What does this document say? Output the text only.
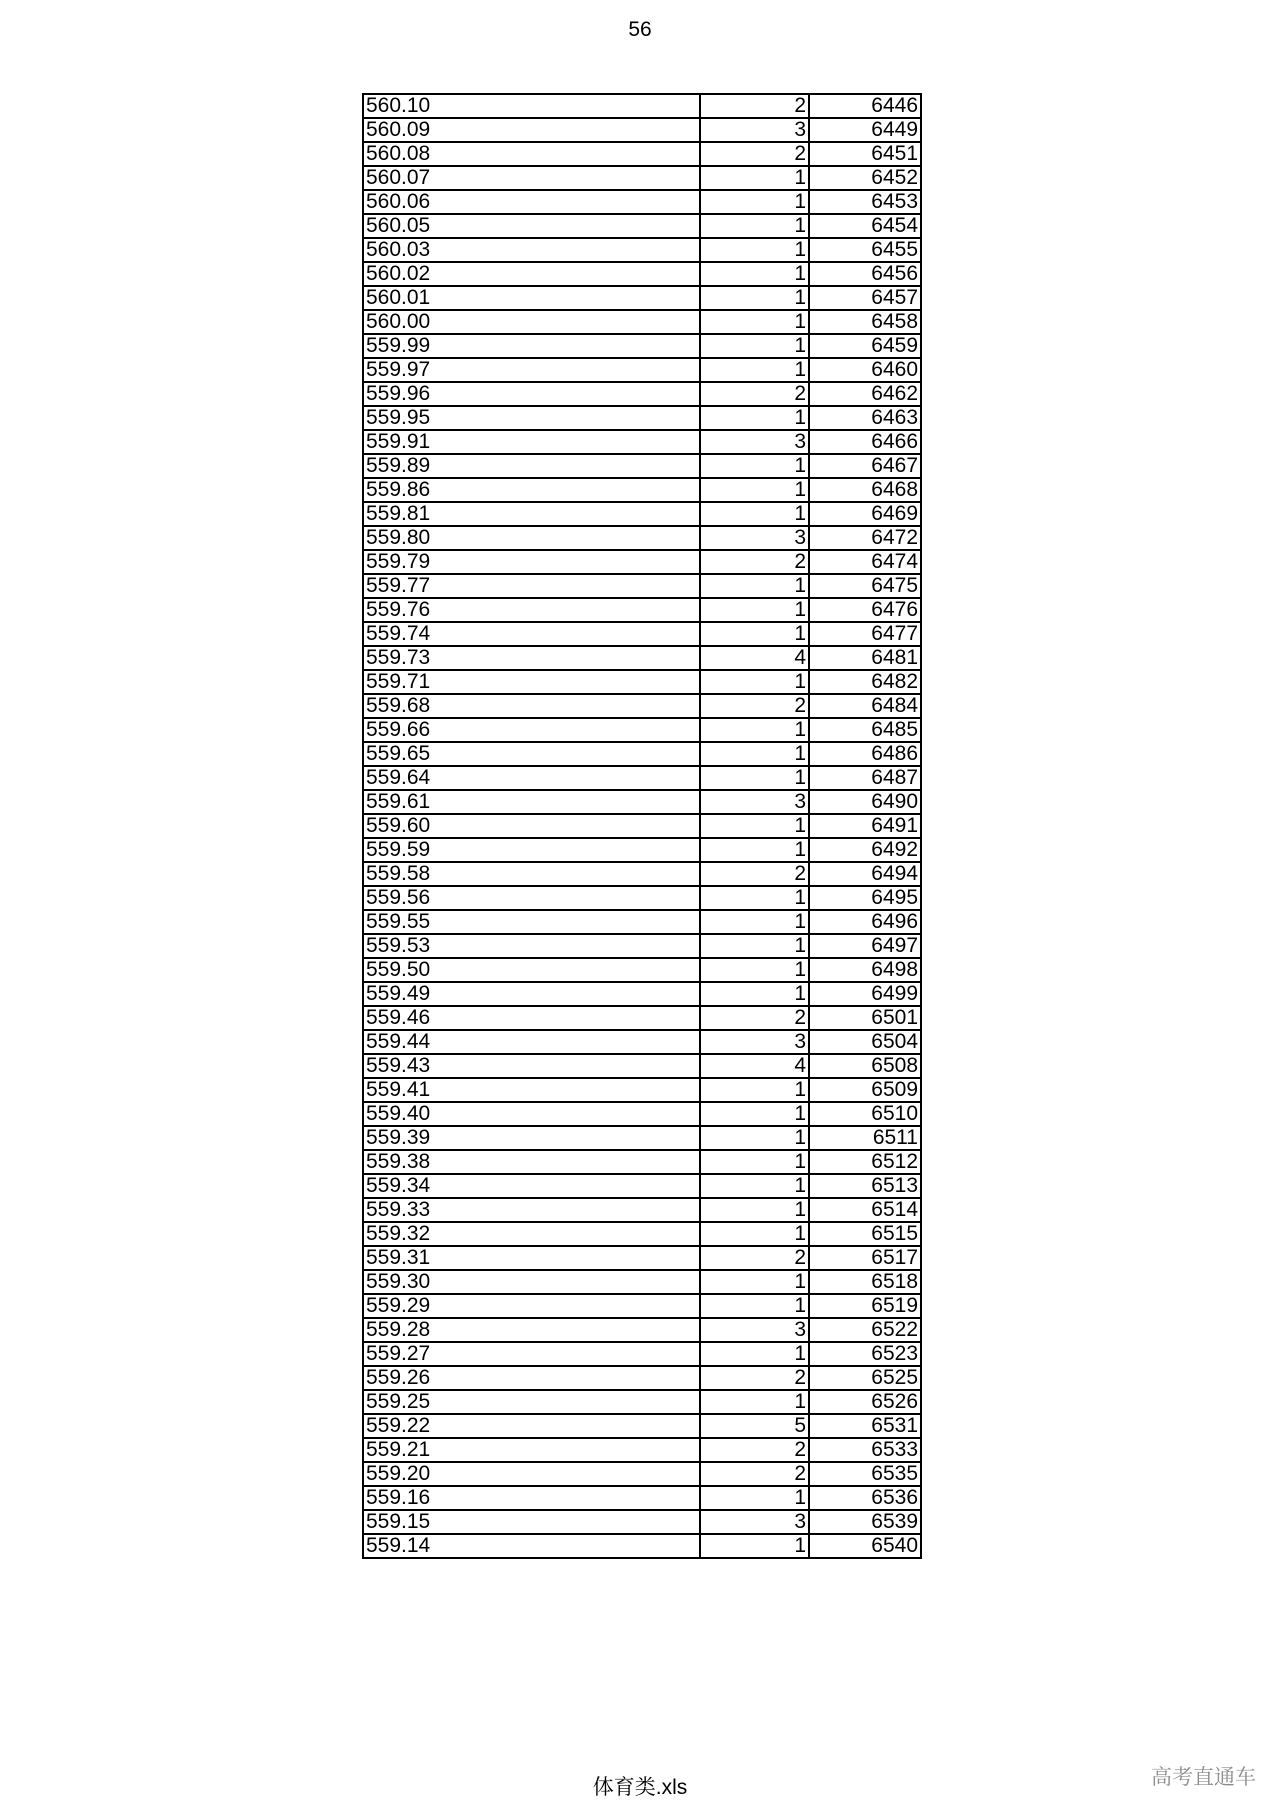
56
560.10	2	6446
560.09	3	6449
560.08	2	6451
560.07	1	6452
560.06	1	6453
560.05	1	6454
560.03	1	6455
560.02	1	6456
560.01	1	6457
560.00	1	6458
559.99	1	6459
559.97	1	6460
559.96	2	6462
559.95	1	6463
559.91	3	6466
559.89	1	6467
559.86	1	6468
559.81	1	6469
559.80	3	6472
559.79	2	6474
559.77	1	6475
559.76	1	6476
559.74	1	6477
559.73	4	6481
559.71	1	6482
559.68	2	6484
559.66	1	6485
559.65	1	6486
559.64	1	6487
559.61	3	6490
559.60	1	6491
559.59	1	6492
559.58	2	6494
559.56	1	6495
559.55	1	6496
559.53	1	6497
559.50	1	6498
559.49	1	6499
559.46	2	6501
559.44	3	6504
559.43	4	6508
559.41	1	6509
559.40	1	6510
559.39	1	6511
559.38	1	6512
559.34	1	6513
559.33	1	6514
559.32	1	6515
559.31	2	6517
559.30	1	6518
559.29	1	6519
559.28	3	6522
559.27	1	6523
559.26	2	6525
559.25	1	6526
559.22	5	6531
559.21	2	6533
559.20	2	6535
559.16	1	6536
559.15	3	6539
559.14	1	6540
体育类.xls	高考直通车
